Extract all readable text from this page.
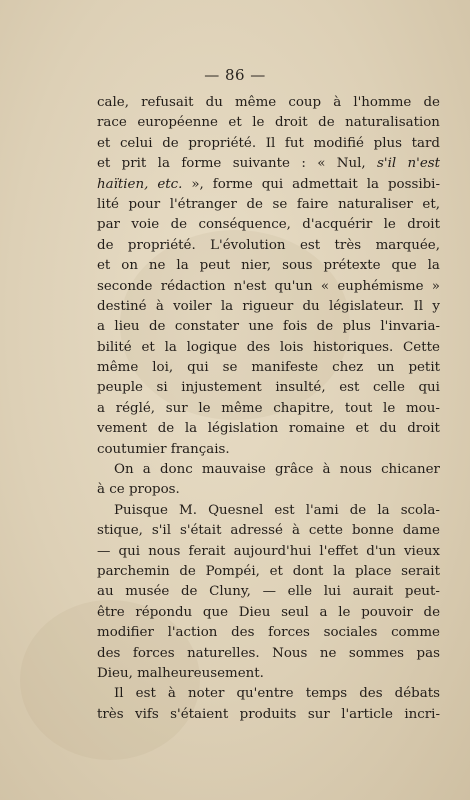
— 86 —
cale, refusait du même coup à l'homme de
race européenne et le droit de naturalisation
et celui de propriété. Il fut modifié plus tard
et prit la forme suivante : « Nul, s'il n'est
haïtien, etc. », forme qui admettait la possibi-
lité pour l'étranger de se faire naturaliser et,
par voie de conséquence, d'acquérir le droit
de propriété. L'évolution est très marquée,
et on ne la peut nier, sous prétexte que la
seconde rédaction n'est qu'un « euphémisme »
destiné à voiler la rigueur du législateur. Il y
a lieu de constater une fois de plus l'invaria-
bilité et la logique des lois historiques. Cette
même loi, qui se manifeste chez un petit
peuple si injustement insulté, est celle qui
a réglé, sur le même chapitre, tout le mou-
vement de la législation romaine et du droit
coutumier français.
On a donc mauvaise grâce à nous chicaner
à ce propos.
Puisque M. Quesnel est l'ami de la scola-
stique, s'il s'était adressé à cette bonne dame
— qui nous ferait aujourd'hui l'effet d'un vieux
parchemin de Pompéi, et dont la place serait
au musée de Cluny, — elle lui aurait peut-
être répondu que Dieu seul a le pouvoir de
modifier l'action des forces sociales comme
des forces naturelles. Nous ne sommes pas
Dieu, malheureusement.
Il est à noter qu'entre temps des débats
très vifs s'étaient produits sur l'article incri-
